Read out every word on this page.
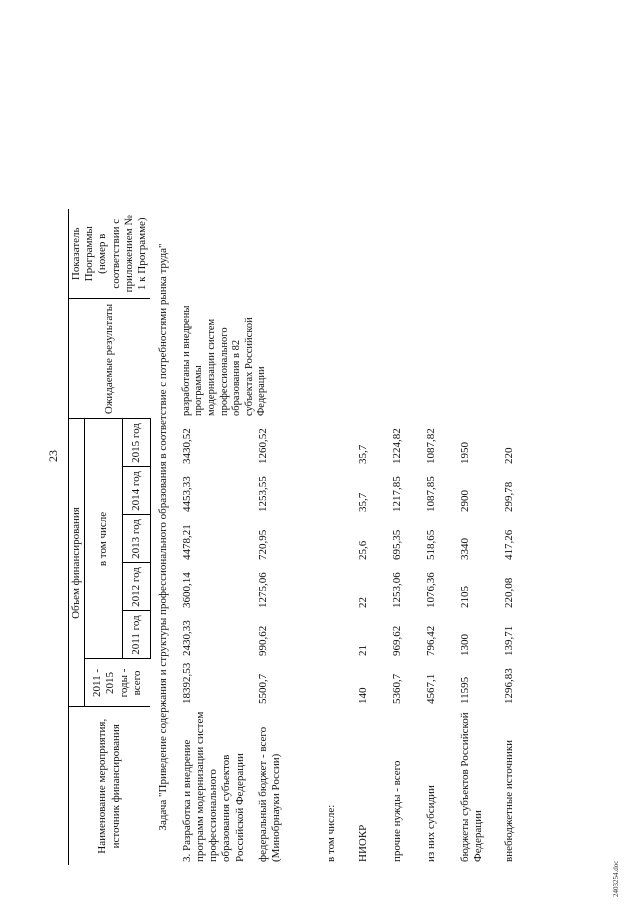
23
2403254.doc
Наименование мероприятия, источник финансирования	Объем финансирования						Ожидаемые результаты	Показатель Программы (номер в соответствии с приложением № 1 к Программе)
	2011 - 2015 годы - всего	в том числе						
		2011 год	2012 год	2013 год	2014 год	2015 год		
Задача "Приведение содержания и структуры профессионального образования в соответствие с потребностями рынка труда"								
3. Разработка и внедрение программ модернизации систем профессионального образования субъектов Российской Федерации	18392,53	2430,33	3600,14	4478,21	4453,33	3430,52	разработаны и внедрены программы модернизации систем профессионального образования в 82 субъектах Российской Федерации	
федеральный бюджет - всего (Минобрнауки России)	5500,7	990,62	1275,06	720,95	1253,55	1260,52		
в том числе:								
НИОКР	140	21	22	25,6	35,7	35,7		
прочие нужды - всего	5360,7	969,62	1253,06	695,35	1217,85	1224,82		
из них субсидии	4567,1	796,42	1076,36	518,65	1087,85	1087,82		
бюджеты субъектов Российской Федерации	11595	1300	2105	3340	2900	1950		
внебюджетные источники	1296,83	139,71	220,08	417,26	299,78	220		
